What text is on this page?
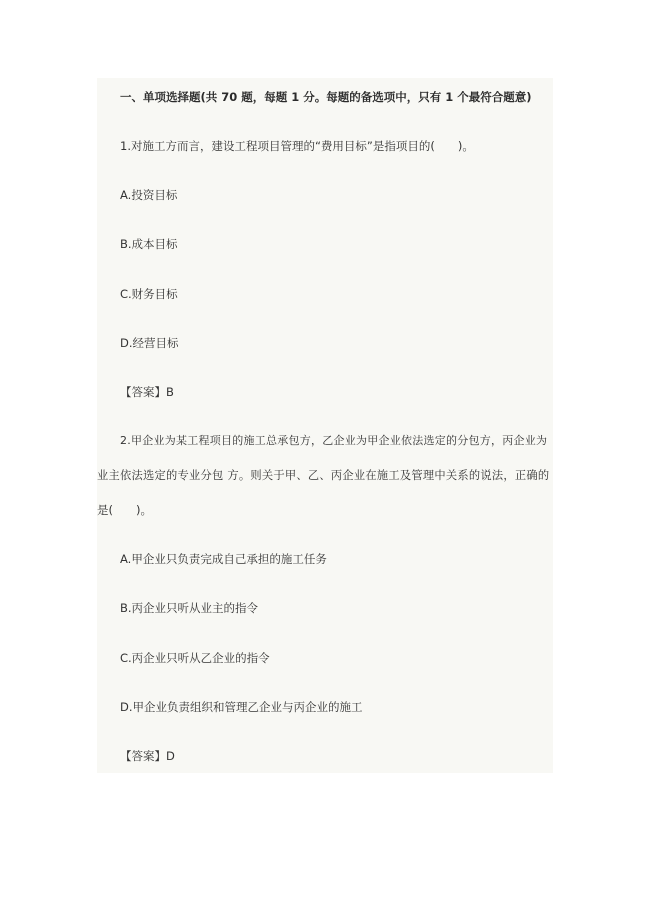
一、单项选择题(共 70 题，每题 1 分。每题的备选项中，只有 1 个最符合题意)
1.对施工方而言，建设工程项目管理的“费用目标”是指项目的(　　)。
A.投资目标
B.成本目标
C.财务目标
D.经营目标
【答案】B
2.甲企业为某工程项目的施工总承包方，乙企业为甲企业依法选定的分包方，丙企业为
业主依法选定的专业分包 方。则关于甲、乙、丙企业在施工及管理中关系的说法，正确的
是(　　)。
A.甲企业只负责完成自己承担的施工任务
B.丙企业只听从业主的指令
C.丙企业只听从乙企业的指令
D.甲企业负责组织和管理乙企业与丙企业的施工
【答案】D
